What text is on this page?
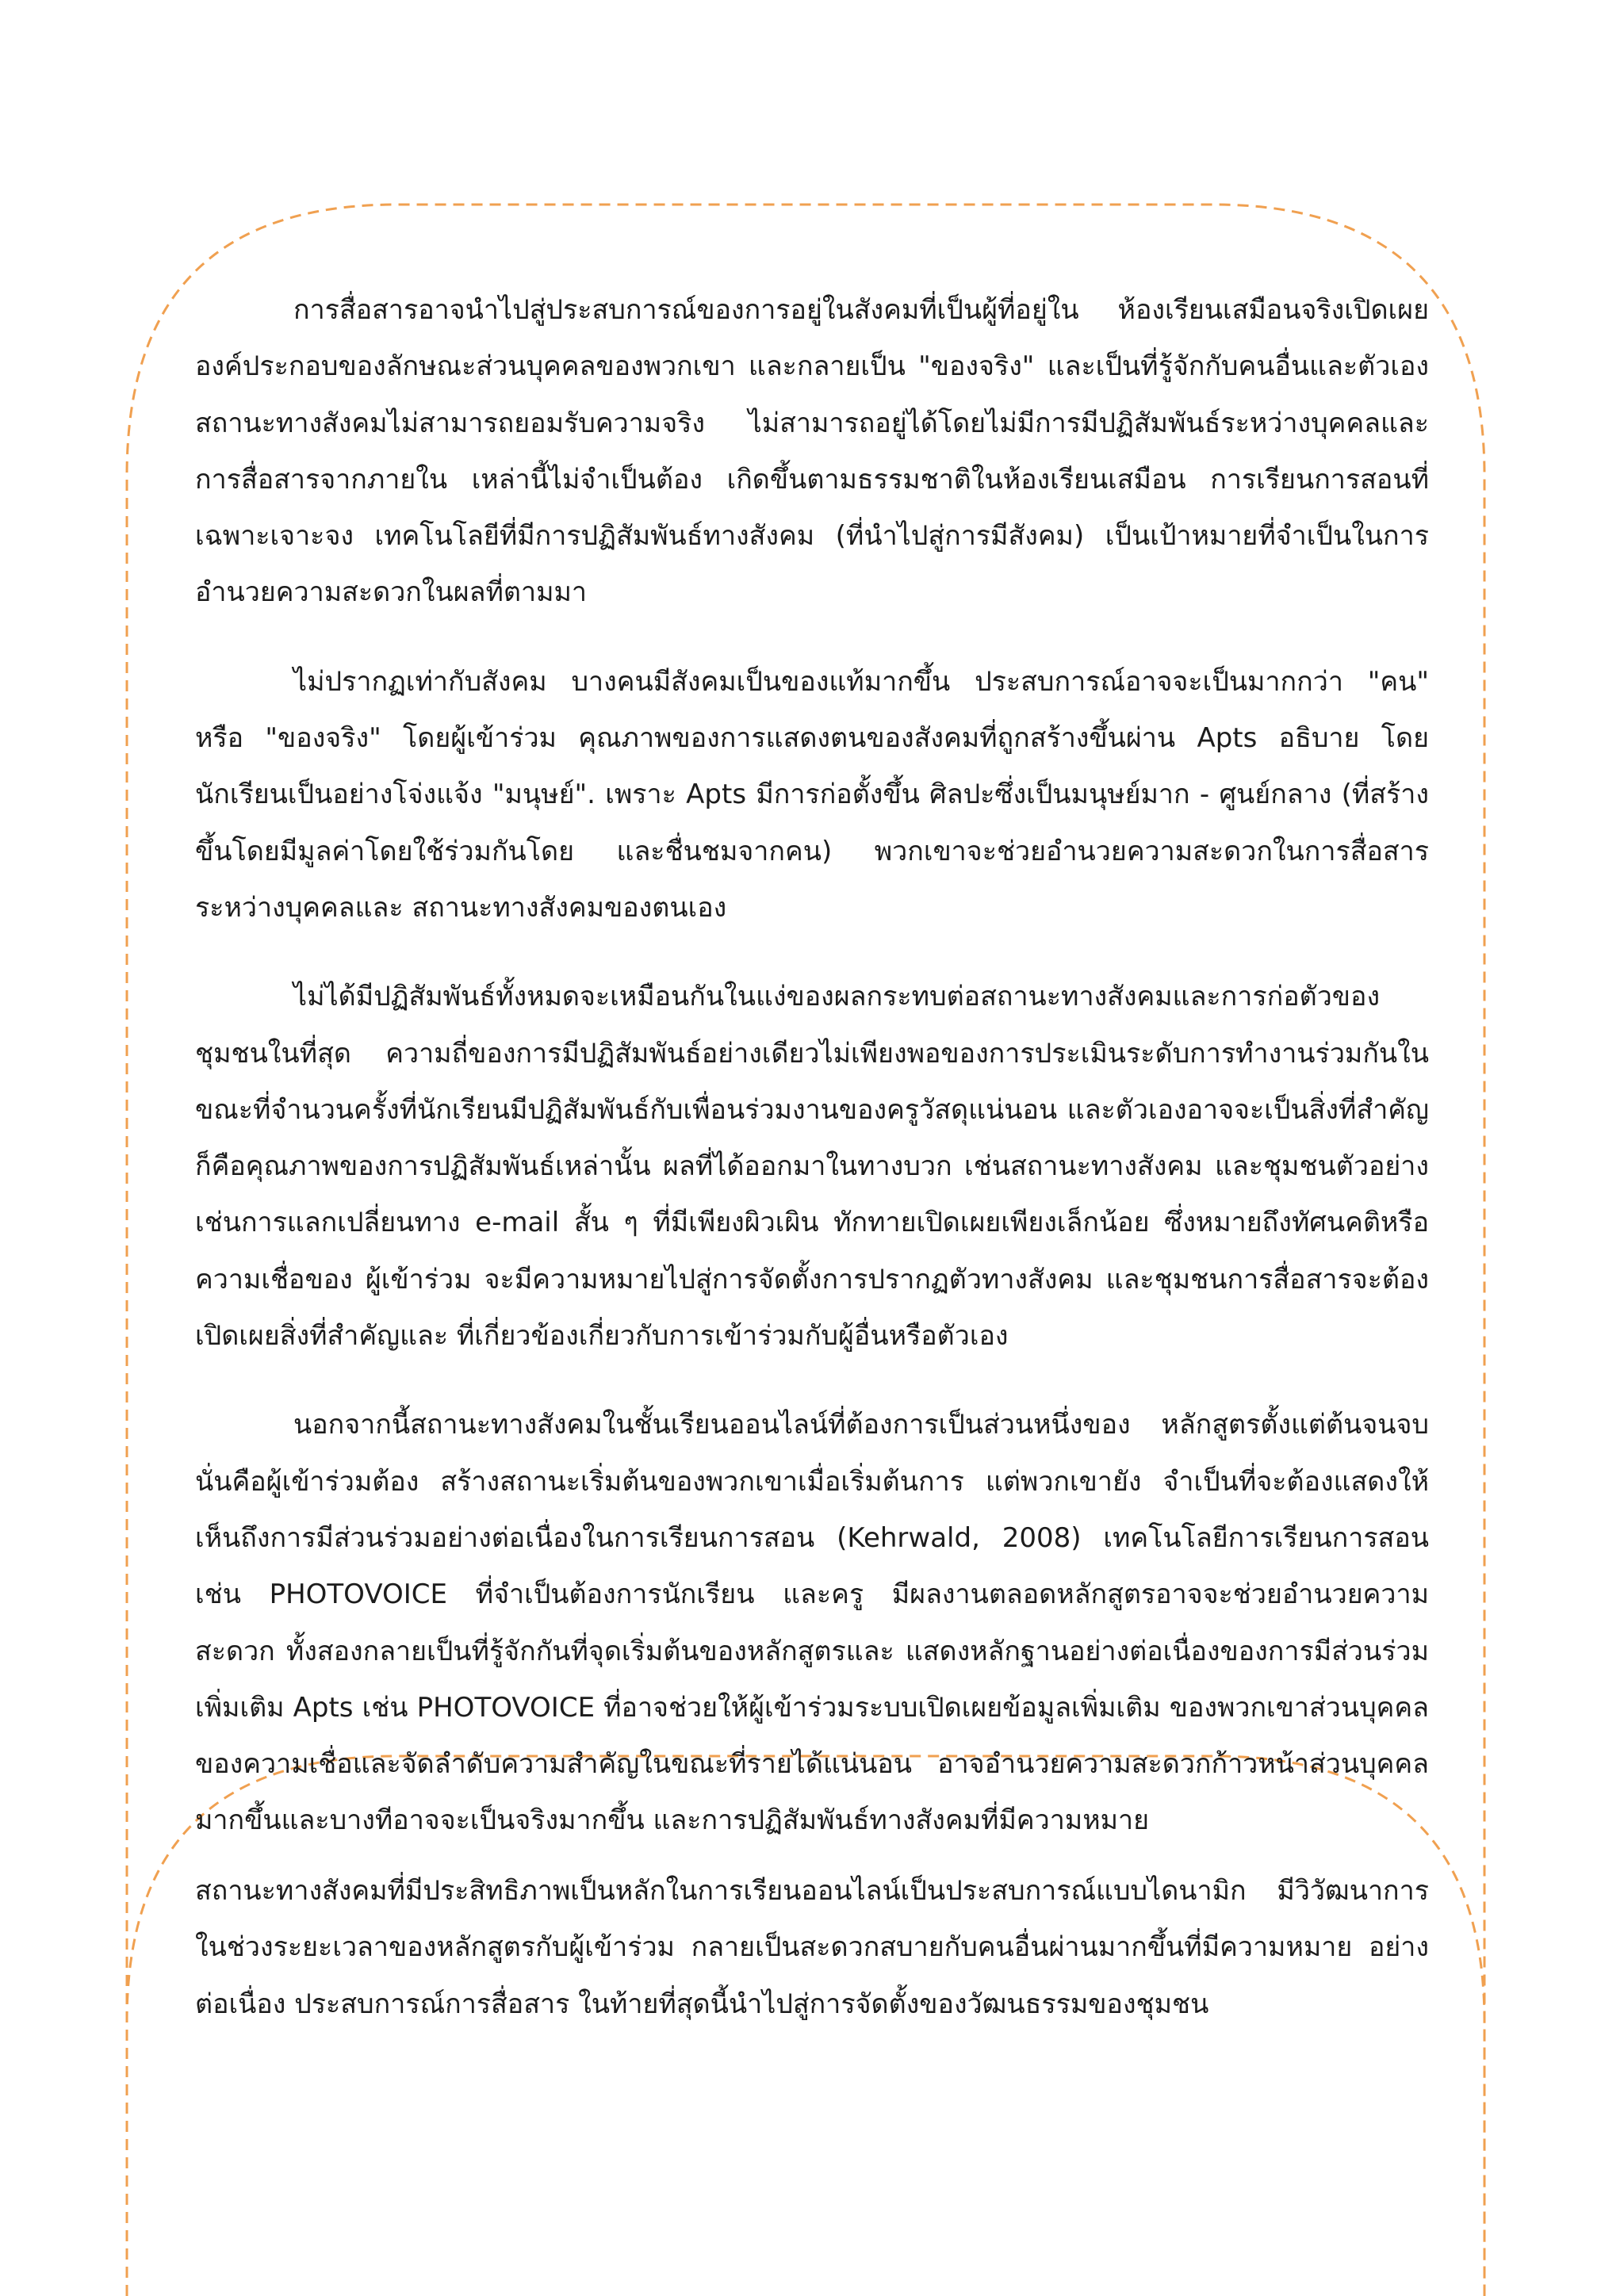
การสื่อสารอาจนำไปสู่ประสบการณ์ของการอยู่ในสังคมที่เป็นผู้ที่อยู่ใน ห้องเรียนเสมือนจริงเปิดเผยองค์ประกอบของลักษณะส่วนบุคคลของพวกเขา และกลายเป็น "ของจริง" และเป็นที่รู้จักกับคนอื่นและตัวเองสถานะทางสังคมไม่สามารถยอมรับความจริง ไม่สามารถอยู่ได้โดยไม่มีการมีปฏิสัมพันธ์ระหว่างบุคคลและการสื่อสารจากภายใน เหล่านี้ไม่จำเป็นต้อง เกิดขึ้นตามธรรมชาติในห้องเรียนเสมือน การเรียนการสอนที่เฉพาะเจาะจง เทคโนโลยีที่มีการปฏิสัมพันธ์ทางสังคม (ที่นำไปสู่การมีสังคม) เป็นเป้าหมายที่จำเป็นในการอำนวยความสะดวกในผลที่ตามมา

ไม่ปรากฏเท่ากับสังคม บางคนมีสังคมเป็นของแท้มากขึ้น ประสบการณ์อาจจะเป็นมากกว่า "คน" หรือ "ของจริง" โดยผู้เข้าร่วม คุณภาพของการแสดงตนของสังคมที่ถูกสร้างขึ้นผ่าน Apts อธิบาย โดยนักเรียนเป็นอย่างโจ่งแจ้ง "มนุษย์". เพราะ Apts มีการก่อตั้งขึ้น ศิลปะซึ่งเป็นมนุษย์มาก - ศูนย์กลาง (ที่สร้างขึ้นโดยมีมูลค่าโดยใช้ร่วมกันโดย และชื่นชมจากคน) พวกเขาจะช่วยอำนวยความสะดวกในการสื่อสารระหว่างบุคคลและ สถานะทางสังคมของตนเอง

ไม่ได้มีปฏิสัมพันธ์ทั้งหมดจะเหมือนกันในแง่ของผลกระทบต่อสถานะทางสังคมและการก่อตัวของชุมชนในที่สุด ความถี่ของการมีปฏิสัมพันธ์อย่างเดียวไม่เพียงพอของการประเมินระดับการทำงานร่วมกันในขณะที่จำนวนครั้งที่นักเรียนมีปฏิสัมพันธ์กับเพื่อนร่วมงานของครูวัสดุแน่นอน และตัวเองอาจจะเป็นสิ่งที่สำคัญก็คือคุณภาพของการปฏิสัมพันธ์เหล่านั้น ผลที่ได้ออกมาในทางบวก เช่นสถานะทางสังคม และชุมชนตัวอย่างเช่นการแลกเปลี่ยนทาง e-mail สั้น ๆ ที่มีเพียงผิวเผิน ทักทายเปิดเผยเพียงเล็กน้อย ซึ่งหมายถึงทัศนคติหรือความเชื่อของ ผู้เข้าร่วม จะมีความหมายไปสู่การจัดตั้งการปรากฏตัวทางสังคม และชุมชนการสื่อสารจะต้องเปิดเผยสิ่งที่สำคัญและ ที่เกี่ยวข้องเกี่ยวกับการเข้าร่วมกับผู้อื่นหรือตัวเอง

นอกจากนี้สถานะทางสังคมในชั้นเรียนออนไลน์ที่ต้องการเป็นส่วนหนึ่งของ หลักสูตรตั้งแต่ต้นจนจบนั่นคือผู้เข้าร่วมต้อง สร้างสถานะเริ่มต้นของพวกเขาเมื่อเริ่มต้นการ แต่พวกเขายัง จำเป็นที่จะต้องแสดงให้เห็นถึงการมีส่วนร่วมอย่างต่อเนื่องในการเรียนการสอน (Kehrwald, 2008) เทคโนโลยีการเรียนการสอนเช่น PHOTOVOICE ที่จำเป็นต้องการนักเรียน และครู มีผลงานตลอดหลักสูตรอาจจะช่วยอำนวยความสะดวก ทั้งสองกลายเป็นที่รู้จักกันที่จุดเริ่มต้นของหลักสูตรและ แสดงหลักฐานอย่างต่อเนื่องของการมีส่วนร่วม เพิ่มเติม Apts เช่น PHOTOVOICE ที่อาจช่วยให้ผู้เข้าร่วมระบบเปิดเผยข้อมูลเพิ่มเติม ของพวกเขาส่วนบุคคลของความเชื่อและจัดลำดับความสำคัญในขณะที่รายได้แน่นอน อาจอำนวยความสะดวกก้าวหน้าส่วนบุคคลมากขึ้นและบางทีอาจจะเป็นจริงมากขึ้น และการปฏิสัมพันธ์ทางสังคมที่มีความหมาย

สถานะทางสังคมที่มีประสิทธิภาพเป็นหลักในการเรียนออนไลน์เป็นประสบการณ์แบบไดนามิก มีวิวัฒนาการในช่วงระยะเวลาของหลักสูตรกับผู้เข้าร่วม กลายเป็นสะดวกสบายกับคนอื่นผ่านมากขึ้นที่มีความหมาย อย่างต่อเนื่อง ประสบการณ์การสื่อสาร ในท้ายที่สุดนี้นำไปสู่การจัดตั้งของวัฒนธรรมของชุมชน
